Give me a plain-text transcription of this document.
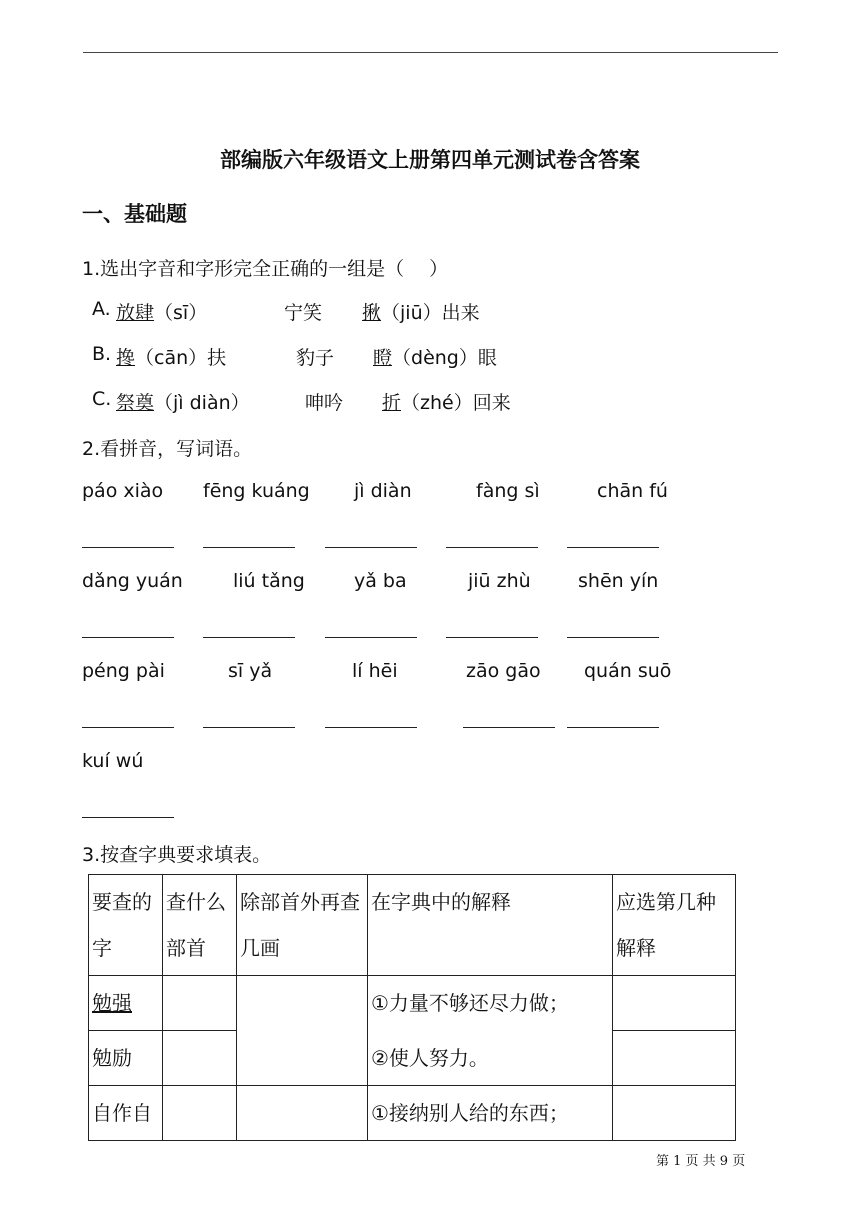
部编版六年级语文上册第四单元测试卷含答案
一、基础题
1.选出字音和字形完全正确的一组是（　 ）
A. 放肆（sī）	宁笑 揪（jiū）出来
B. 搀（cān）扶	豹子 瞪（dèng）眼
C. 祭奠（jì diàn）	呻吟 折（zhé）回来
2.看拼音，写词语。
páo xiào fēng kuáng jì diàn	fàng sì	chān fú
dǎng yuán	liú tǎng	yǎ ba	jiū zhù shēn yín
péng pài	sī yǎ	lí hēi	zāo gāo quán suō
kuí wú
3.按查字典要求填表。
要查的字	查什么部首	除部首外再查几画	在字典中的解释	应选第几种解释
勉强			①力量不够还尽力做；	
勉励			②使人努力。	
自作自			①接纳别人给的东西；	
第 1 页 共 9 页
